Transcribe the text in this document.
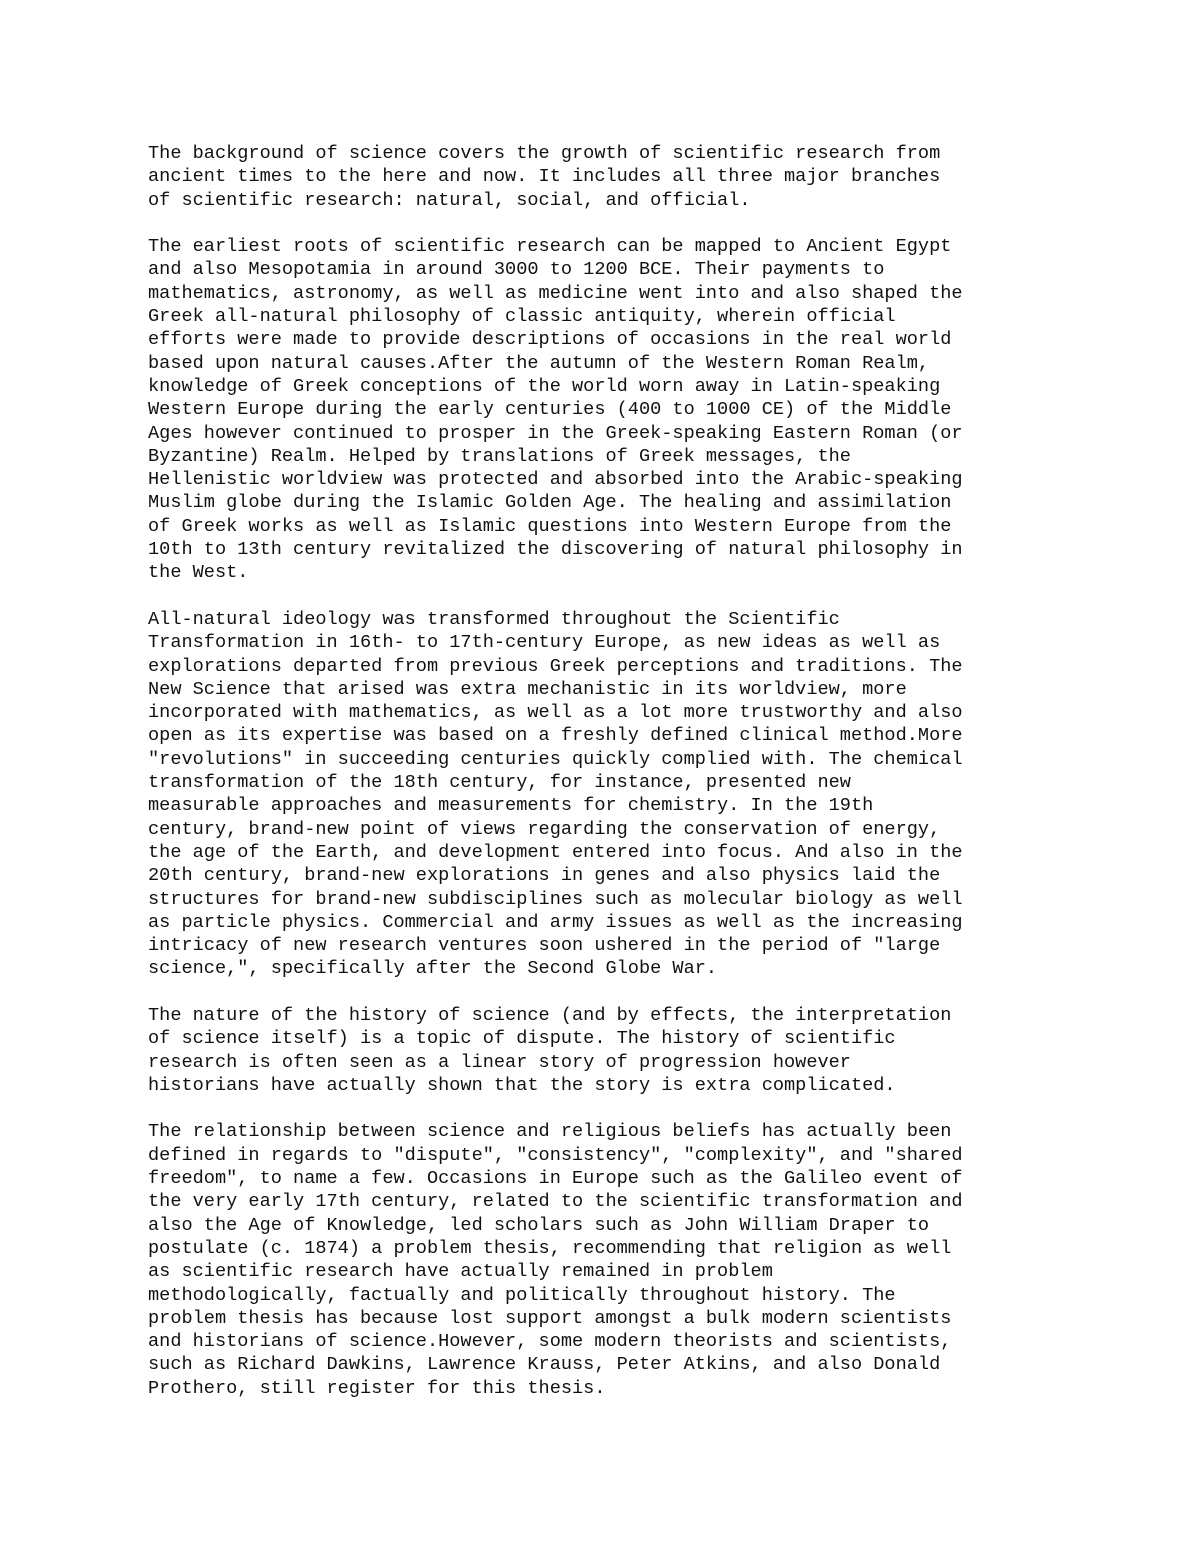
The background of science covers the growth of scientific research from
ancient times to the here and now. It includes all three major branches
of scientific research: natural, social, and official.

The earliest roots of scientific research can be mapped to Ancient Egypt
and also Mesopotamia in around 3000 to 1200 BCE. Their payments to
mathematics, astronomy, as well as medicine went into and also shaped the
Greek all-natural philosophy of classic antiquity, wherein official
efforts were made to provide descriptions of occasions in the real world
based upon natural causes.After the autumn of the Western Roman Realm,
knowledge of Greek conceptions of the world worn away in Latin-speaking
Western Europe during the early centuries (400 to 1000 CE) of the Middle
Ages however continued to prosper in the Greek-speaking Eastern Roman (or
Byzantine) Realm. Helped by translations of Greek messages, the
Hellenistic worldview was protected and absorbed into the Arabic-speaking
Muslim globe during the Islamic Golden Age. The healing and assimilation
of Greek works as well as Islamic questions into Western Europe from the
10th to 13th century revitalized the discovering of natural philosophy in
the West.

All-natural ideology was transformed throughout the Scientific
Transformation in 16th- to 17th-century Europe, as new ideas as well as
explorations departed from previous Greek perceptions and traditions. The
New Science that arised was extra mechanistic in its worldview, more
incorporated with mathematics, as well as a lot more trustworthy and also
open as its expertise was based on a freshly defined clinical method.More
"revolutions" in succeeding centuries quickly complied with. The chemical
transformation of the 18th century, for instance, presented new
measurable approaches and measurements for chemistry. In the 19th
century, brand-new point of views regarding the conservation of energy,
the age of the Earth, and development entered into focus. And also in the
20th century, brand-new explorations in genes and also physics laid the
structures for brand-new subdisciplines such as molecular biology as well
as particle physics. Commercial and army issues as well as the increasing
intricacy of new research ventures soon ushered in the period of "large
science,", specifically after the Second Globe War.

The nature of the history of science (and by effects, the interpretation
of science itself) is a topic of dispute. The history of scientific
research is often seen as a linear story of progression however
historians have actually shown that the story is extra complicated.

The relationship between science and religious beliefs has actually been
defined in regards to "dispute", "consistency", "complexity", and "shared
freedom", to name a few. Occasions in Europe such as the Galileo event of
the very early 17th century, related to the scientific transformation and
also the Age of Knowledge, led scholars such as John William Draper to
postulate (c. 1874) a problem thesis, recommending that religion as well
as scientific research have actually remained in problem
methodologically, factually and politically throughout history. The
problem thesis has because lost support amongst a bulk modern scientists
and historians of science.However, some modern theorists and scientists,
such as Richard Dawkins, Lawrence Krauss, Peter Atkins, and also Donald
Prothero, still register for this thesis.
